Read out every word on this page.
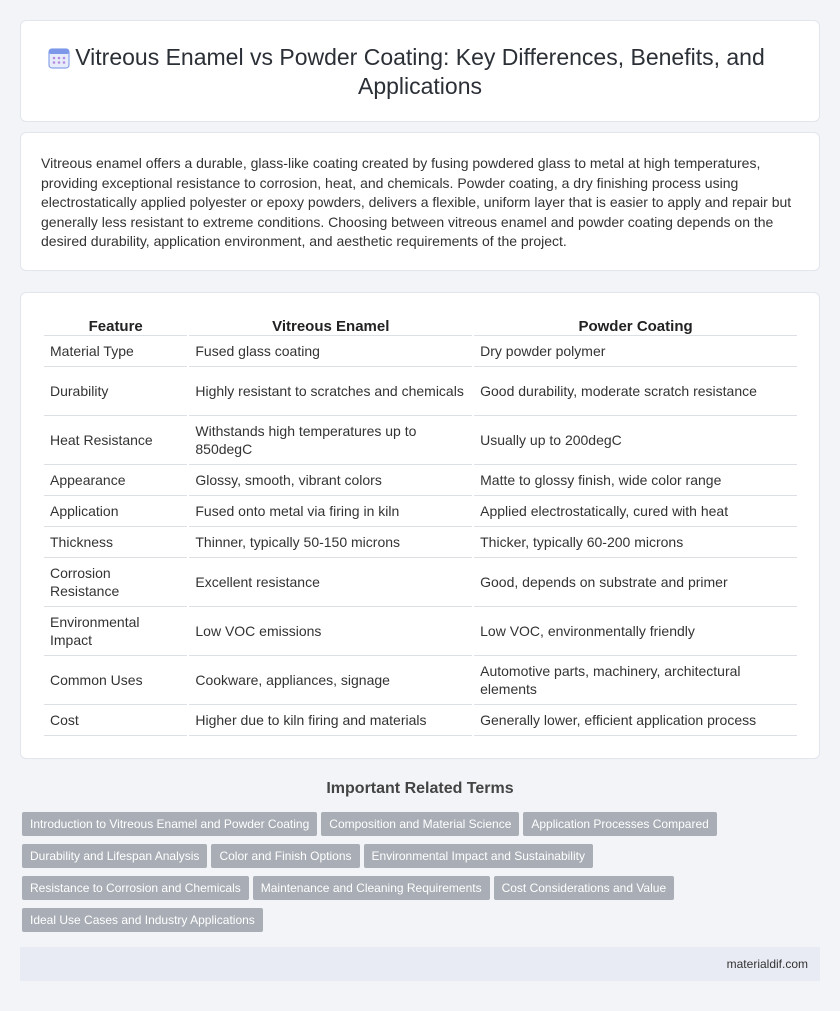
Vitreous Enamel vs Powder Coating: Key Differences, Benefits, and Applications

Vitreous enamel offers a durable, glass-like coating created by fusing powdered glass to metal at high temperatures, providing exceptional resistance to corrosion, heat, and chemicals. Powder coating, a dry finishing process using electrostatically applied polyester or epoxy powders, delivers a flexible, uniform layer that is easier to apply and repair but generally less resistant to extreme conditions. Choosing between vitreous enamel and powder coating depends on the desired durability, application environment, and aesthetic requirements of the project.

Feature	Vitreous Enamel	Powder Coating
Material Type	Fused glass coating	Dry powder polymer
Durability	Highly resistant to scratches and chemicals	Good durability, moderate scratch resistance
Heat Resistance	Withstands high temperatures up to 850degC	Usually up to 200degC
Appearance	Glossy, smooth, vibrant colors	Matte to glossy finish, wide color range
Application	Fused onto metal via firing in kiln	Applied electrostatically, cured with heat
Thickness	Thinner, typically 50-150 microns	Thicker, typically 60-200 microns
Corrosion Resistance	Excellent resistance	Good, depends on substrate and primer
Environmental Impact	Low VOC emissions	Low VOC, environmentally friendly
Common Uses	Cookware, appliances, signage	Automotive parts, machinery, architectural elements
Cost	Higher due to kiln firing and materials	Generally lower, efficient application process
Important Related Terms
Introduction to Vitreous Enamel and Powder Coating Composition and Material Science Application Processes Compared
Durability and Lifespan Analysis Color and Finish Options Environmental Impact and Sustainability
Resistance to Corrosion and Chemicals Maintenance and Cleaning Requirements Cost Considerations and Value
Ideal Use Cases and Industry Applications
materialdif.com
